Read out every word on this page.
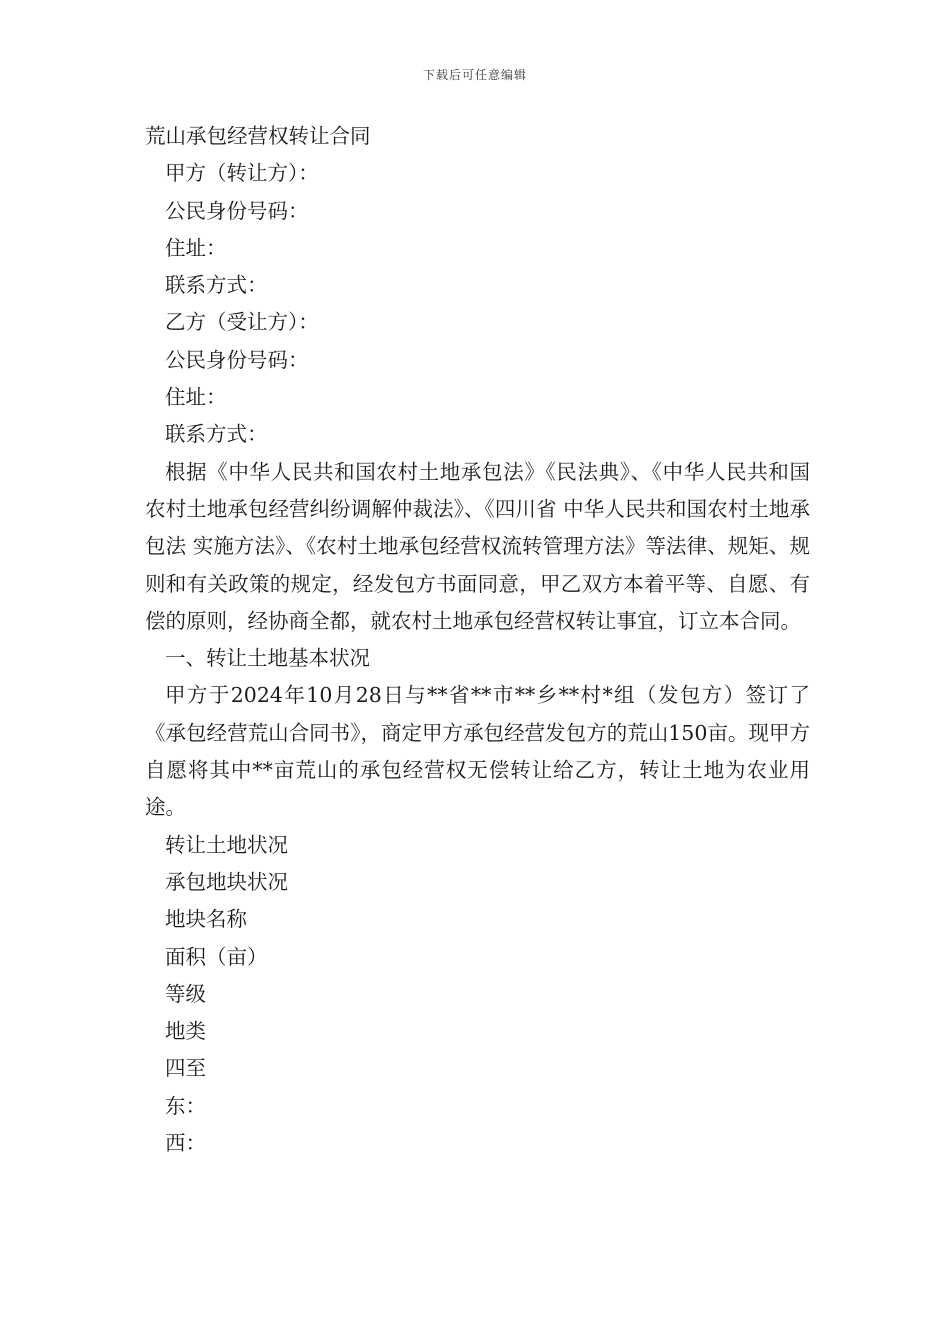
下载后可任意编辑
荒山承包经营权转让合同
甲方（转让方）：
公民身份号码：
住址：
联系方式：
乙方（受让方）：
公民身份号码：
住址：
联系方式：

根据《中华人民共和国农村土地承包法》《民法典》、《中华人民共和国农村土地承包经营纠纷调解仲裁法》、《四川省 中华人民共和国农村土地承包法 实施方法》、《农村土地承包经营权流转管理方法》等法律、规矩、规则和有关政策的规定，经发包方书面同意，甲乙双方本着平等、自愿、有偿的原则，经协商全都，就农村土地承包经营权转让事宜，订立本合同。

一、转让土地基本状况

甲方于2024年10月28日与**省**市**乡**村*组（发包方）签订了《承包经营荒山合同书》，商定甲方承包经营发包方的荒山150亩。现甲方自愿将其中**亩荒山的承包经营权无偿转让给乙方，转让土地为农业用途。

转让土地状况
承包地块状况
地块名称
面积（亩）
等级
地类
四至
东：
西：
